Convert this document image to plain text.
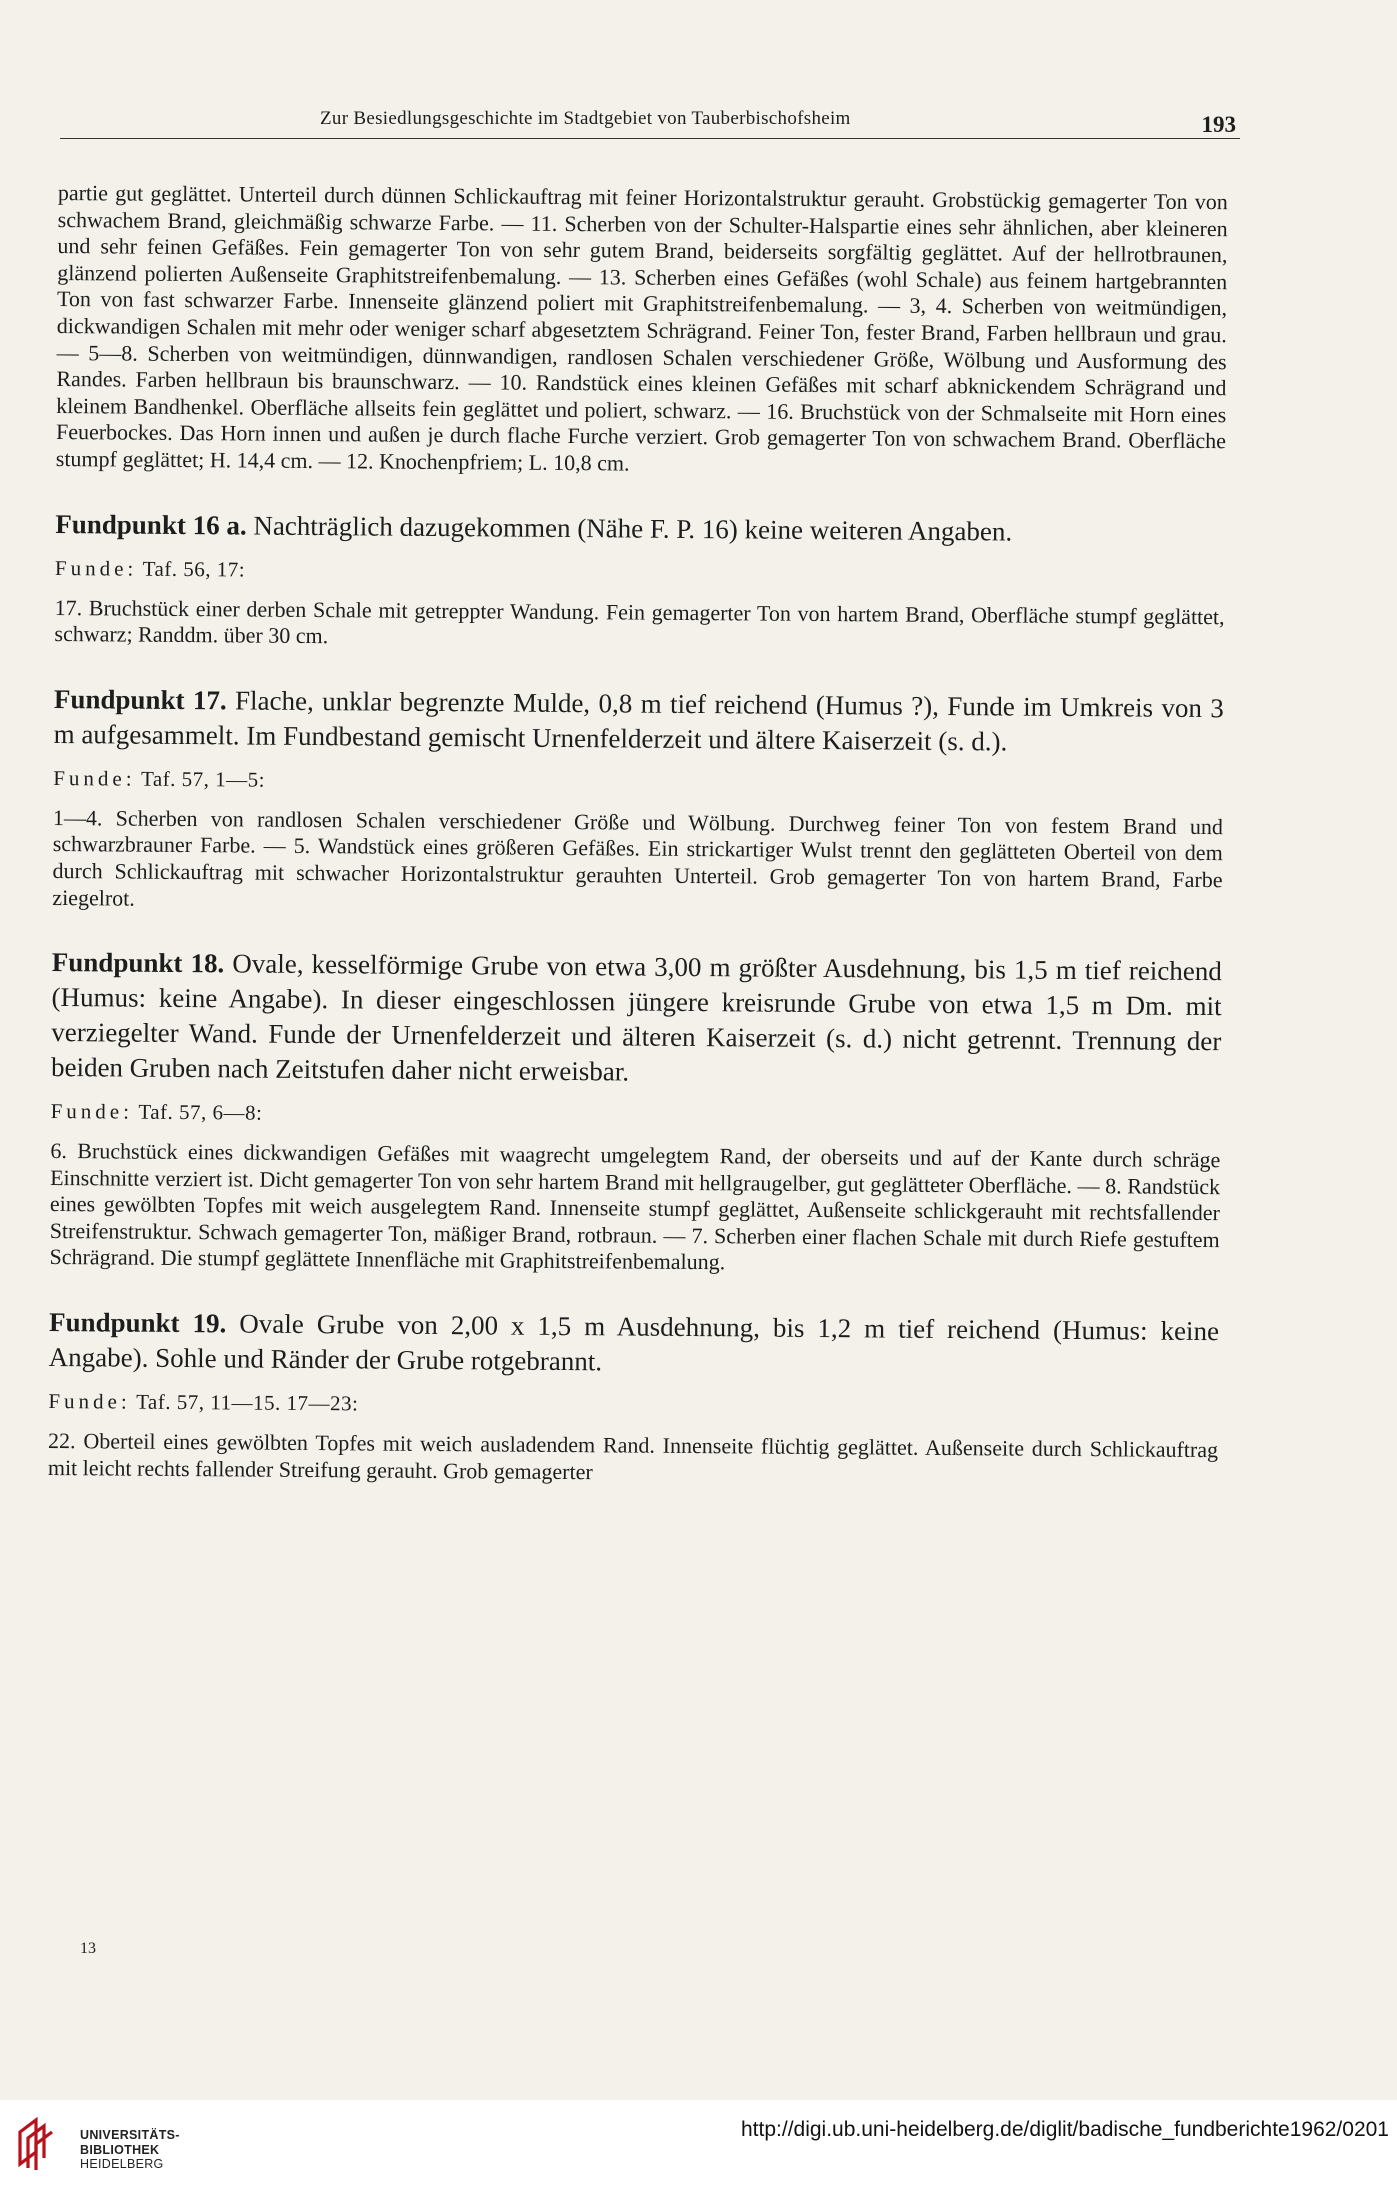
Zur Besiedlungsgeschichte im Stadtgebiet von Tauberbischofsheim	193

partie gut geglättet. Unterteil durch dünnen Schlickauftrag mit feiner Horizontalstruktur gerauht. Grobstückig gemagerter Ton von schwachem Brand, gleichmäßig schwarze Farbe. — 11. Scherben von der Schulter-Halspartie eines sehr ähnlichen, aber kleineren und sehr feinen Gefäßes. Fein gemagerter Ton von sehr gutem Brand, beiderseits sorgfältig geglättet. Auf der hellrotbraunen, glänzend polierten Außenseite Graphitstreifenbemalung. — 13. Scherben eines Gefäßes (wohl Schale) aus feinem hartgebrannten Ton von fast schwarzer Farbe. Innenseite glänzend poliert mit Graphitstreifenbemalung. — 3, 4. Scherben von weitmündigen, dickwandigen Schalen mit mehr oder weniger scharf abgesetztem Schrägrand. Feiner Ton, fester Brand, Farben hellbraun und grau. — 5—8. Scherben von weitmündigen, dünnwandigen, randlosen Schalen verschiedener Größe, Wölbung und Ausformung des Randes. Farben hellbraun bis braunschwarz. — 10. Randstück eines kleinen Gefäßes mit scharf abknickendem Schrägrand und kleinem Bandhenkel. Oberfläche allseits fein geglättet und poliert, schwarz. — 16. Bruchstück von der Schmalseite mit Horn eines Feuerbockes. Das Horn innen und außen je durch flache Furche verziert. Grob gemagerter Ton von schwachem Brand. Oberfläche stumpf geglättet; H. 14,4 cm. — 12. Knochenpfriem; L. 10,8 cm.

Fundpunkt 16 a. Nachträglich dazugekommen (Nähe F. P. 16) keine weiteren Angaben.

Funde: Taf. 56, 17:

17. Bruchstück einer derben Schale mit getreppter Wandung. Fein gemagerter Ton von hartem Brand, Oberfläche stumpf geglättet, schwarz; Randdm. über 30 cm.

Fundpunkt 17. Flache, unklar begrenzte Mulde, 0,8 m tief reichend (Humus ?), Funde im Umkreis von 3 m aufgesammelt. Im Fundbestand gemischt Urnenfelderzeit und ältere Kaiserzeit (s. d.).

Funde: Taf. 57, 1—5:

1—4. Scherben von randlosen Schalen verschiedener Größe und Wölbung. Durchweg feiner Ton von festem Brand und schwarzbrauner Farbe. — 5. Wandstück eines größeren Gefäßes. Ein strickartiger Wulst trennt den geglätteten Oberteil von dem durch Schlickauftrag mit schwacher Horizontalstruktur gerauhten Unterteil. Grob gemagerter Ton von hartem Brand, Farbe ziegelrot.

Fundpunkt 18. Ovale, kesselförmige Grube von etwa 3,00 m größter Ausdehnung, bis 1,5 m tief reichend (Humus: keine Angabe). In dieser eingeschlossen jüngere kreisrunde Grube von etwa 1,5 m Dm. mit verziegelter Wand. Funde der Urnenfelderzeit und älteren Kaiserzeit (s. d.) nicht getrennt. Trennung der beiden Gruben nach Zeitstufen daher nicht erweisbar.

Funde: Taf. 57, 6—8:

6. Bruchstück eines dickwandigen Gefäßes mit waagrecht umgelegtem Rand, der oberseits und auf der Kante durch schräge Einschnitte verziert ist. Dicht gemagerter Ton von sehr hartem Brand mit hellgraugelber, gut geglätteter Oberfläche. — 8. Randstück eines gewölbten Topfes mit weich ausgelegtem Rand. Innenseite stumpf geglättet, Außenseite schlickgerauht mit rechtsfallender Streifenstruktur. Schwach gemagerter Ton, mäßiger Brand, rotbraun. — 7. Scherben einer flachen Schale mit durch Riefe gestuftem Schrägrand. Die stumpf geglättete Innenfläche mit Graphitstreifenbemalung.

Fundpunkt 19. Ovale Grube von 2,00 x 1,5 m Ausdehnung, bis 1,2 m tief reichend (Humus: keine Angabe). Sohle und Ränder der Grube rotgebrannt.

Funde: Taf. 57, 11—15. 17—23:

22. Oberteil eines gewölbten Topfes mit weich ausladendem Rand. Innenseite flüchtig geglättet. Außenseite durch Schlickauftrag mit leicht rechts fallender Streifung gerauht. Grob gemagerter

13
UNIVERSITÄTS-
BIBLIOTHEK
HEIDELBERG
http://digi.ub.uni-heidelberg.de/diglit/badische_fundberichte1962/0201
